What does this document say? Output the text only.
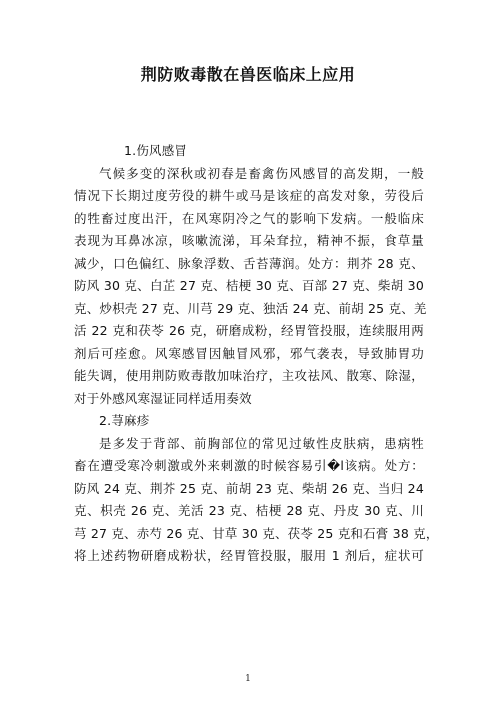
荆防败毒散在兽医临床上应用
1.伤风感冒
气候多变的深秋或初春是畜禽伤风感冒的高发期，一般
情况下长期过度劳役的耕牛或马是该症的高发对象，劳役后
的牲畜过度出汗，在风寒阴冷之气的影响下发病。一般临床
表现为耳鼻冰凉，咳嗽流涕，耳朵耷拉，精神不振，食草量
减少，口色偏红、脉象浮数、舌苔薄润。处方：荆芥 28 克、
防风 30 克、白芷 27 克、桔梗 30 克、百部 27 克、柴胡 30
克、炒枳壳 27 克、川芎 29 克、独活 24 克、前胡 25 克、羌
活 22 克和茯苓 26 克，研磨成粉，经胃管投服，连续服用两
剂后可痊愈。风寒感冒因触冒风邪，邪气袭表，导致肺胃功
能失调，使用荆防败毒散加味治疗，主攻祛风、散寒、除湿，
对于外感风寒湿证同样适用奏效
2.荨麻疹
是多发于背部、前胸部位的常见过敏性皮肤病，患病牲
畜在遭受寒冷刺激或外来刺激的时候容易引�l该病。处方：
防风 24 克、荆芥 25 克、前胡 23 克、柴胡 26 克、当归 24
克、枳壳 26 克、羌活 23 克、桔梗 28 克、丹皮 30 克、川
芎 27 克、赤芍 26 克、甘草 30 克、茯苓 25 克和石膏 38 克，
将上述药物研磨成粉状，经胃管投服，服用 1 剂后，症状可
1
